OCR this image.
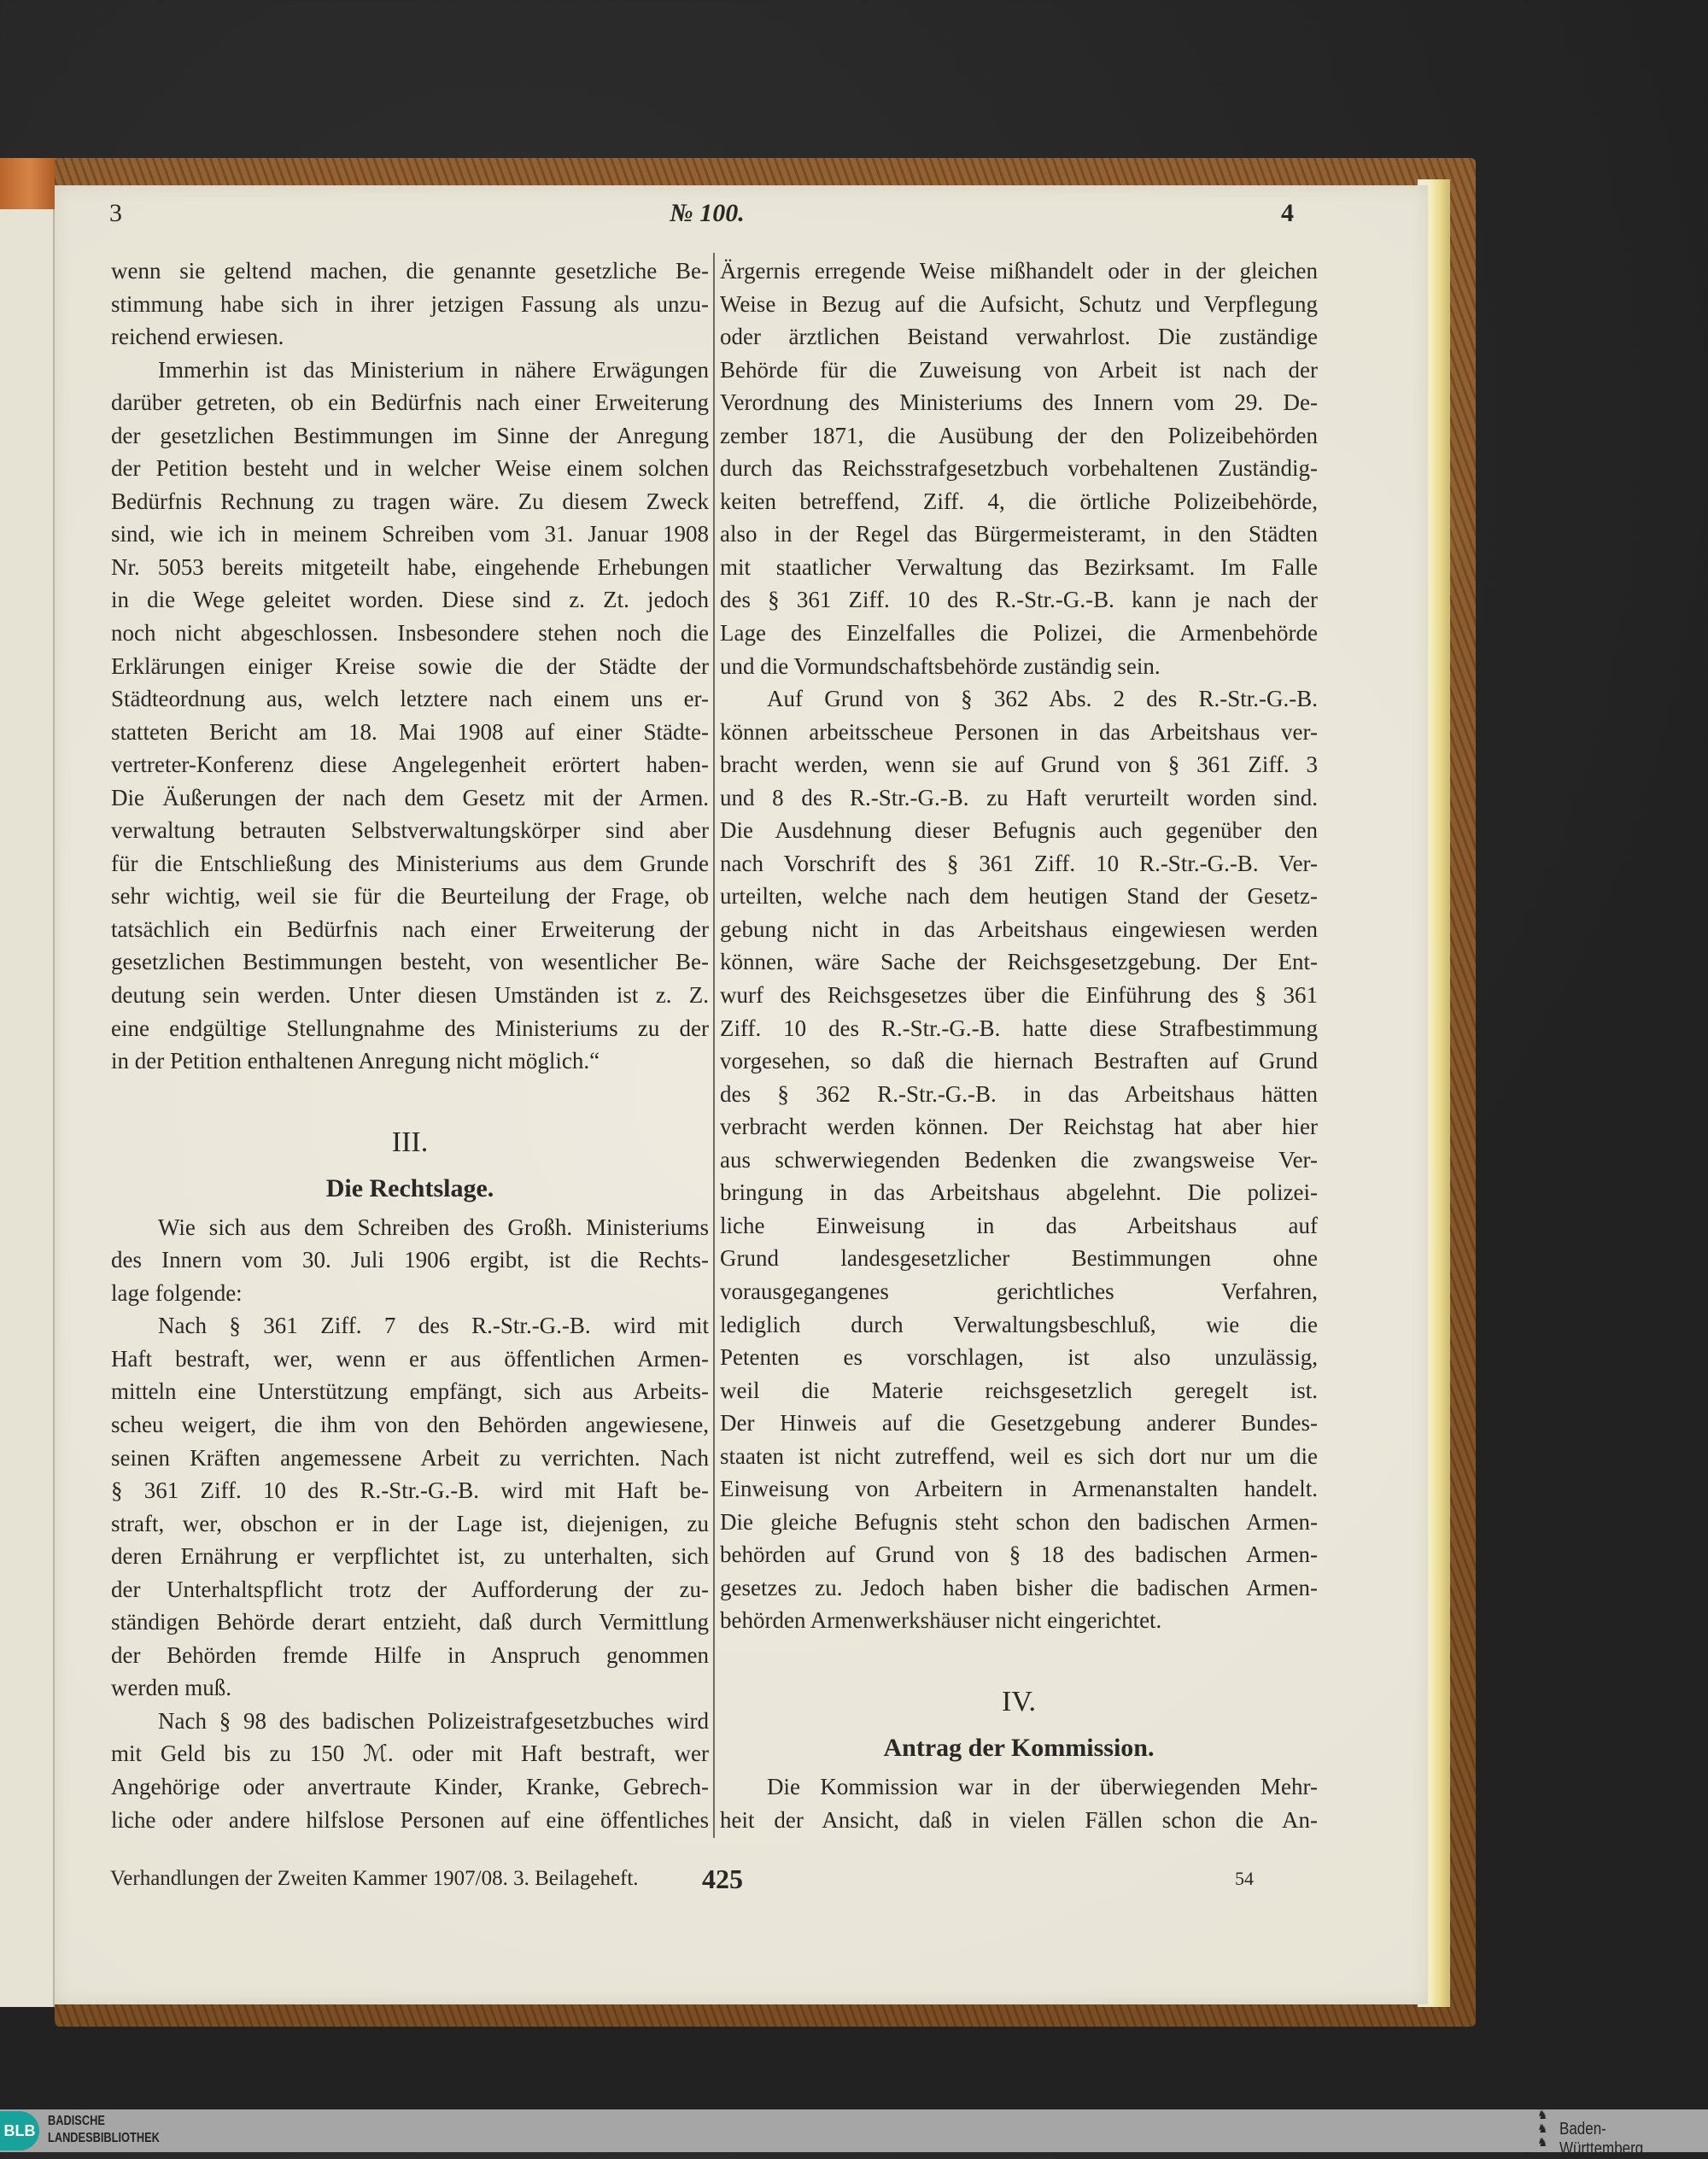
3	№ 100.	4
wenn sie geltend machen, die genannte gesetzliche Be-
stimmung habe sich in ihrer jetzigen Fassung als unzu-
reichend erwiesen.
Immerhin ist das Ministerium in nähere Erwägungen
darüber getreten, ob ein Bedürfnis nach einer Erweiterung
der gesetzlichen Bestimmungen im Sinne der Anregung
der Petition besteht und in welcher Weise einem solchen
Bedürfnis Rechnung zu tragen wäre. Zu diesem Zweck
sind, wie ich in meinem Schreiben vom 31. Januar 1908
Nr. 5053 bereits mitgeteilt habe, eingehende Erhebungen
in die Wege geleitet worden. Diese sind z. Zt. jedoch
noch nicht abgeschlossen. Insbesondere stehen noch die
Erklärungen einiger Kreise sowie die der Städte der
Städteordnung aus, welch letztere nach einem uns er-
statteten Bericht am 18. Mai 1908 auf einer Städte-
vertreter-Konferenz diese Angelegenheit erörtert haben-
Die Äußerungen der nach dem Gesetz mit der Armen.
verwaltung betrauten Selbstverwaltungskörper sind aber
für die Entschließung des Ministeriums aus dem Grunde
sehr wichtig, weil sie für die Beurteilung der Frage, ob
tatsächlich ein Bedürfnis nach einer Erweiterung der
gesetzlichen Bestimmungen besteht, von wesentlicher Be-
deutung sein werden. Unter diesen Umständen ist z. Z.
eine endgültige Stellungnahme des Ministeriums zu der
in der Petition enthaltenen Anregung nicht möglich.“
III.
Die Rechtslage.
Wie sich aus dem Schreiben des Großh. Ministeriums
des Innern vom 30. Juli 1906 ergibt, ist die Rechts-
lage folgende:
Nach § 361 Ziff. 7 des R.-Str.-G.-B. wird mit
Haft bestraft, wer, wenn er aus öffentlichen Armen-
mitteln eine Unterstützung empfängt, sich aus Arbeits-
scheu weigert, die ihm von den Behörden angewiesene,
seinen Kräften angemessene Arbeit zu verrichten. Nach
§ 361 Ziff. 10 des R.-Str.-G.-B. wird mit Haft be-
straft, wer, obschon er in der Lage ist, diejenigen, zu
deren Ernährung er verpflichtet ist, zu unterhalten, sich
der Unterhaltspflicht trotz der Aufforderung der zu-
ständigen Behörde derart entzieht, daß durch Vermittlung
der Behörden fremde Hilfe in Anspruch genommen
werden muß.
Nach § 98 des badischen Polizeistrafgesetzbuches wird
mit Geld bis zu 150 ℳ. oder mit Haft bestraft, wer
Angehörige oder anvertraute Kinder, Kranke, Gebrech-
liche oder andere hilfslose Personen auf eine öffentliches
Ärgernis erregende Weise mißhandelt oder in der gleichen
Weise in Bezug auf die Aufsicht, Schutz und Verpflegung
oder ärztlichen Beistand verwahrlost. Die zuständige
Behörde für die Zuweisung von Arbeit ist nach der
Verordnung des Ministeriums des Innern vom 29. De-
zember 1871, die Ausübung der den Polizeibehörden
durch das Reichsstrafgesetzbuch vorbehaltenen Zuständig-
keiten betreffend, Ziff. 4, die örtliche Polizeibehörde,
also in der Regel das Bürgermeisteramt, in den Städten
mit staatlicher Verwaltung das Bezirksamt. Im Falle
des § 361 Ziff. 10 des R.-Str.-G.-B. kann je nach der
Lage des Einzelfalles die Polizei, die Armenbehörde
und die Vormundschaftsbehörde zuständig sein.
Auf Grund von § 362 Abs. 2 des R.-Str.-G.-B.
können arbeitsscheue Personen in das Arbeitshaus ver-
bracht werden, wenn sie auf Grund von § 361 Ziff. 3
und 8 des R.-Str.-G.-B. zu Haft verurteilt worden sind.
Die Ausdehnung dieser Befugnis auch gegenüber den
nach Vorschrift des § 361 Ziff. 10 R.-Str.-G.-B. Ver-
urteilten, welche nach dem heutigen Stand der Gesetz-
gebung nicht in das Arbeitshaus eingewiesen werden
können, wäre Sache der Reichsgesetzgebung. Der Ent-
wurf des Reichsgesetzes über die Einführung des § 361
Ziff. 10 des R.-Str.-G.-B. hatte diese Strafbestimmung
vorgesehen, so daß die hiernach Bestraften auf Grund
des § 362 R.-Str.-G.-B. in das Arbeitshaus hätten
verbracht werden können. Der Reichstag hat aber hier
aus schwerwiegenden Bedenken die zwangsweise Ver-
bringung in das Arbeitshaus abgelehnt. Die polizei-
liche Einweisung in das Arbeitshaus auf
Grund landesgesetzlicher Bestimmungen ohne
vorausgegangenes gerichtliches Verfahren,
lediglich durch Verwaltungsbeschluß, wie die
Petenten es vorschlagen, ist also unzulässig,
weil die Materie reichsgesetzlich geregelt ist.
Der Hinweis auf die Gesetzgebung anderer Bundes-
staaten ist nicht zutreffend, weil es sich dort nur um die
Einweisung von Arbeitern in Armenanstalten handelt.
Die gleiche Befugnis steht schon den badischen Armen-
behörden auf Grund von § 18 des badischen Armen-
gesetzes zu. Jedoch haben bisher die badischen Armen-
behörden Armenwerkshäuser nicht eingerichtet.
IV.
Antrag der Kommission.
Die Kommission war in der überwiegenden Mehr-
heit der Ansicht, daß in vielen Fällen schon die An-
Verhandlungen der Zweiten Kammer 1907/08. 3. Beilageheft. 425	54
BLB
BADISCHE
LANDESBIBLIOTHEK
♞
♞
♞
Baden-Württemberg
